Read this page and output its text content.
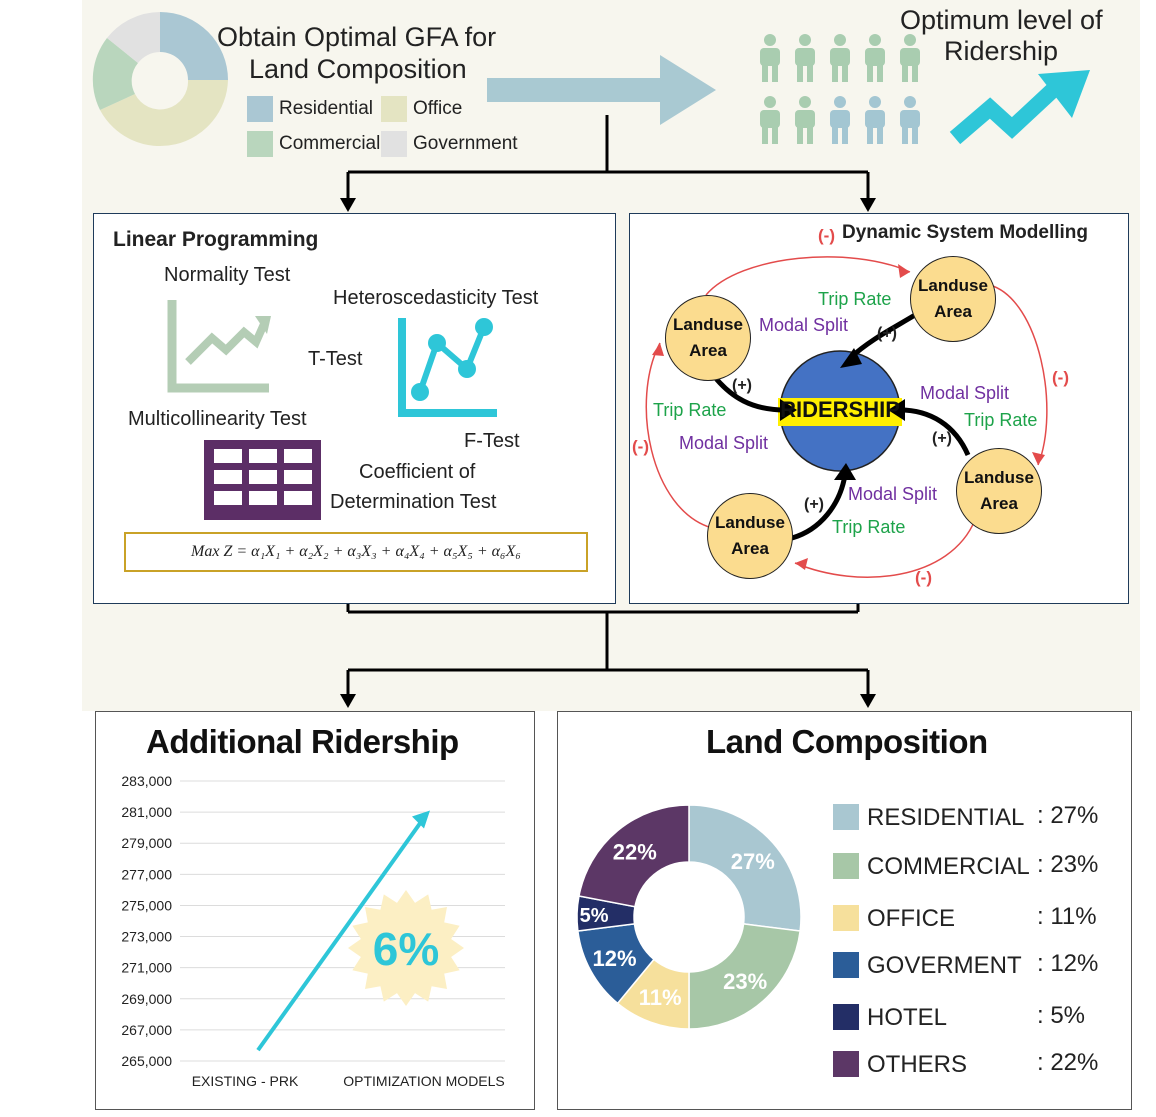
Obtain Optimal GFA for
Land Composition
Residential Office
Commercial Government
Optimum level of
Ridership
Linear Programming
Normality Test
Heteroscedasticity Test
T-Test
Multicollinearity Test
F-Test
Coefficient of
Determination Test
Max Z = α₁X₁ + α₂X₂ + α₃X₃ + α₄X₄ + α₅X₅ + α₆X₆
Dynamic System Modelling
RIDERSHIP
Landuse
Area
Landuse
Area
Landuse
Area
Landuse
Area
Trip Rate
Modal Split
Trip Rate
Modal Split
Modal Split
Trip Rate
Modal Split
Trip Rate
(+)
(+)
(+)
(+)
(-)
(-)
(-)
(-)
Additional Ridership
283,000
281,000
279,000
277,000
275,000
273,000
271,000
269,000
267,000
265,000
EXISTING - PRK	OPTIMIZATION MODELS
6%
Land Composition
27%
23%
11%
12%
5%
22%
RESIDENTIAL : 27%
COMMERCIAL : 23%
OFFICE	: 11%
GOVERMENT : 12%
HOTEL	: 5%
OTHERS	: 22%
